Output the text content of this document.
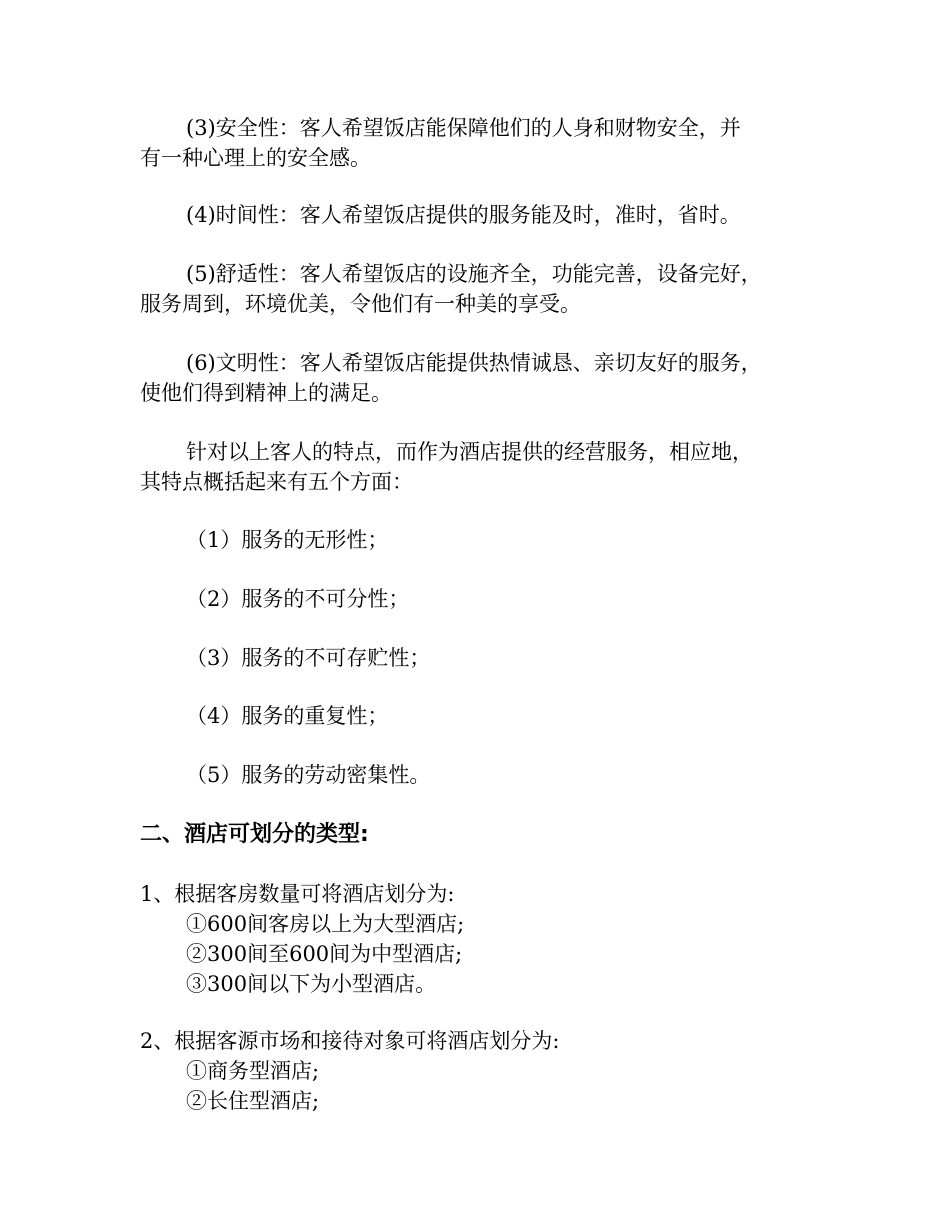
(3)安全性：客人希望饭店能保障他们的人身和财物安全，并
有一种心理上的安全感。

(4)时间性：客人希望饭店提供的服务能及时，准时，省时。

(5)舒适性：客人希望饭店的设施齐全，功能完善，设备完好，
服务周到，环境优美，令他们有一种美的享受。

(6)文明性：客人希望饭店能提供热情诚恳、亲切友好的服务，
使他们得到精神上的满足。

针对以上客人的特点，而作为酒店提供的经营服务，相应地，
其特点概括起来有五个方面：

（1）服务的无形性；

（2）服务的不可分性；

（3）服务的不可存贮性；

（4）服务的重复性；

（5）服务的劳动密集性。

二、酒店可划分的类型:
1、根据客房数量可将酒店划分为:
①600间客房以上为大型酒店;
②300间至600间为中型酒店;
③300间以下为小型酒店。
2、根据客源市场和接待对象可将酒店划分为:
①商务型酒店;
②长住型酒店;
